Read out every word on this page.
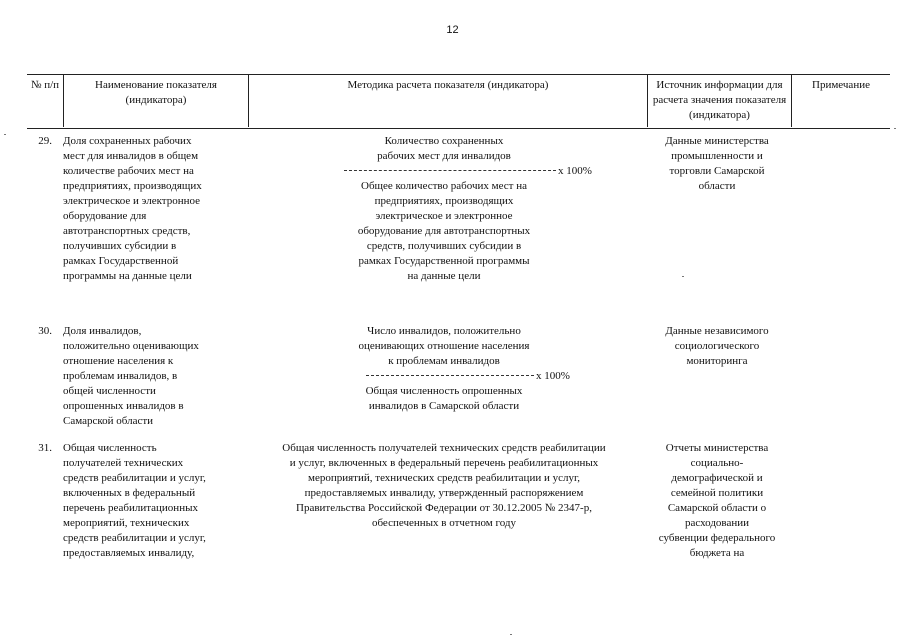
12
№ п/п	Наименование показателя (индикатора)
Методика расчета показателя (индикатора)	Источник информации для расчета значения показателя (индикатора)
Примечание
29. Доля сохраненных рабочих
мест для инвалидов в общем
количестве рабочих мест на
предприятиях, производящих
электрическое и электронное
оборудование для
автотранспортных средств,
получивших субсидии в
рамках Государственной
программы на данные цели
Количество сохраненных
рабочих мест для инвалидов
х 100%
Общее количество рабочих мест на
предприятиях, производящих
электрическое и электронное
оборудование для автотранспортных
средств, получивших субсидии в
рамках Государственной программы
на данные цели
Данные министерства
промышленности и
торговли Самарской
области
30. Доля инвалидов,
положительно оценивающих
отношение населения к
проблемам инвалидов, в
общей численности
опрошенных инвалидов в
Самарской области
Число инвалидов, положительно
оценивающих отношение населения
к проблемам инвалидов
х 100%
Общая численность опрошенных
инвалидов в Самарской области
Данные независимого
социологического
мониторинга
31. Общая численность
получателей технических
средств реабилитации и услуг,
включенных в федеральный
перечень реабилитационных
мероприятий, технических
средств реабилитации и услуг,
предоставляемых инвалиду,
Общая численность получателей технических средств реабилитации
и услуг, включенных в федеральный перечень реабилитационных
мероприятий, технических средств реабилитации и услуг,
предоставляемых инвалиду, утвержденный распоряжением
Правительства Российской Федерации от 30.12.2005 № 2347-р,
обеспеченных в отчетном году
Отчеты министерства
социально-
демографической и
семейной политики
Самарской области о
расходовании
субвенции федерального
бюджета на
